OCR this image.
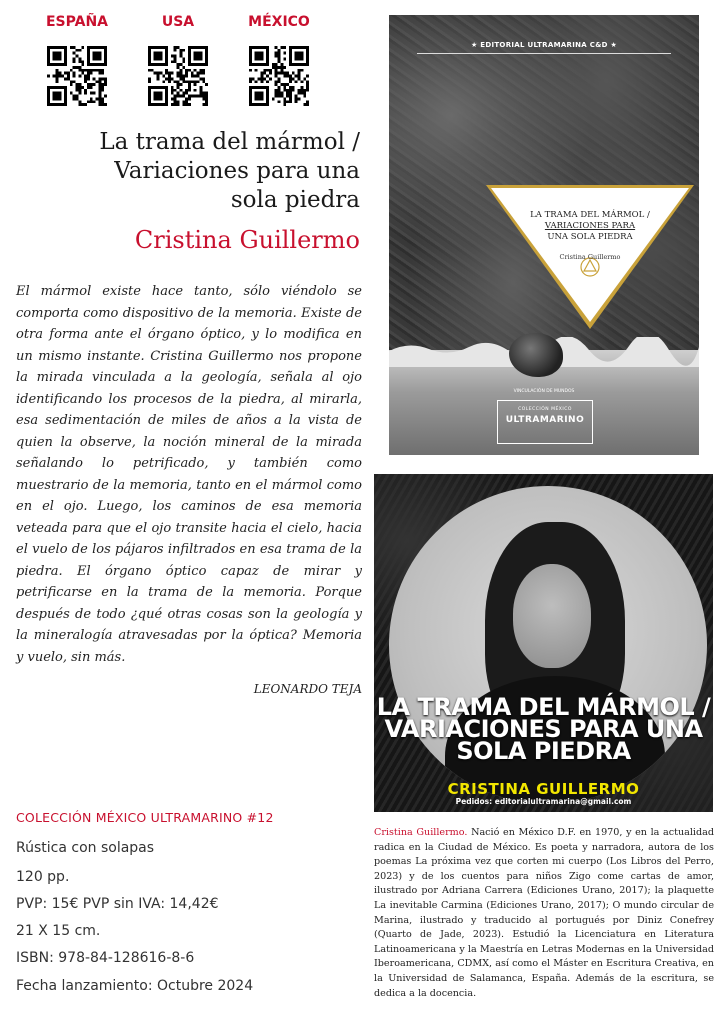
ESPAÑA	USA	MÉXICO
La trama del mármol /
Variaciones para una
sola piedra
Cristina Guillermo
El mármol existe hace tanto, sólo viéndolo se comporta como dispositivo de la memoria. Existe de otra forma ante el órgano óptico, y lo modifica en un mismo instante. Cristina Guillermo nos propone la mirada vinculada a la geología, señala al ojo identificando los procesos de la piedra, al mirarla, esa sedimentación de miles de años a la vista de quien la observe, la noción mineral de la mirada señalando lo petrificado, y también como muestrario de la memoria, tanto en el mármol como en el ojo. Luego, los caminos de esa memoria veteada para que el ojo transite hacia el cielo, hacia el vuelo de los pájaros infiltrados en esa trama de la piedra. El órgano óptico capaz de mirar y petrificarse en la trama de la memoria. Porque después de todo ¿qué otras cosas son la geología y la mineralogía atravesadas por la óptica? Memoria y vuelo, sin más.
LEONARDO TEJA
★ EDITORIAL ULTRAMARINA C&D ★
LA TRAMA DEL MÁRMOL /
VARIACIONES PARA
UNA SOLA PIEDRA
Cristina Guillermo
VINCULACIÓN DE MUNDOS
COLECCIÓN MÉXICO
ULTRAMARINO
LA TRAMA DEL MÁRMOL /
VARIACIONES PARA UNA
SOLA PIEDRA
CRISTINA GUILLERMO
Pedidos: editorialultramarina@gmail.com
COLECCIÓN MÉXICO ULTRAMARINO #12
Rústica con solapas
120 pp.
PVP: 15€ PVP sin IVA: 14,42€
21 X 15 cm.
ISBN: 978-84-128616-8-6
Fecha lanzamiento: Octubre 2024
Cristina Guillermo. Nació en México D.F. en 1970, y en la actualidad radica en la Ciudad de México. Es poeta y narradora, autora de los poemas La próxima vez que corten mi cuerpo (Los Libros del Perro, 2023) y de los cuentos para niños Zigo come cartas de amor, ilustrado por Adriana Carrera (Ediciones Urano, 2017); la plaquette La inevitable Carmina (Ediciones Urano, 2017); O mundo circular de Marina, ilustrado y traducido al portugués por Diniz Conefrey (Quarto de Jade, 2023). Estudió la Licenciatura en Literatura Latinoamericana y la Maestría en Letras Modernas en la Universidad Iberoamericana, CDMX, así como el Máster en Escritura Creativa, en la Universidad de Salamanca, España. Además de la escritura, se dedica a la docencia.
